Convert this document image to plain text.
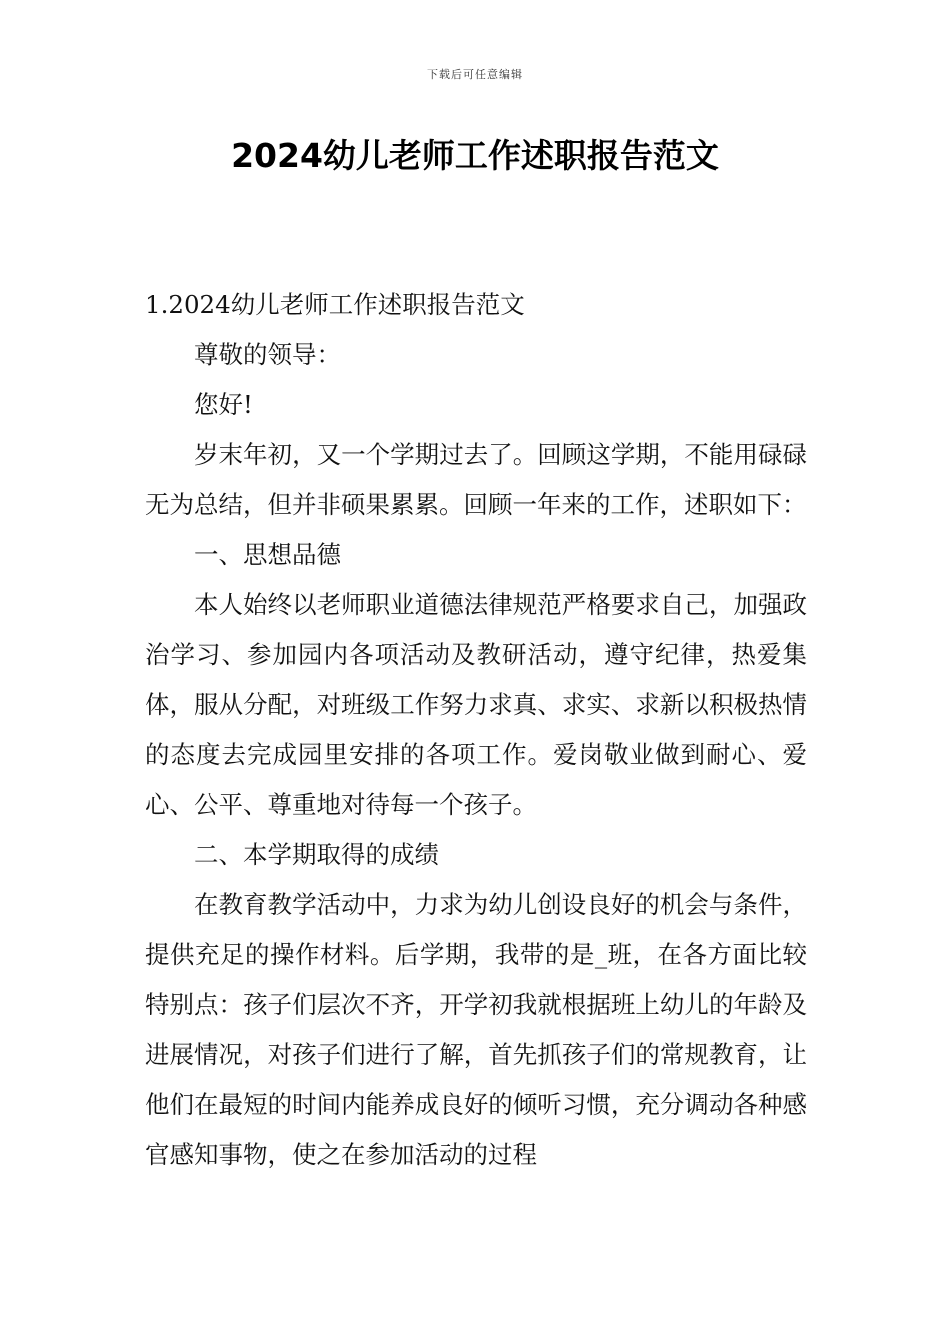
下载后可任意编辑
2024幼儿老师工作述职报告范文

1.2024幼儿老师工作述职报告范文

尊敬的领导：

您好!

岁末年初，又一个学期过去了。回顾这学期，不能用碌碌无为总结，但并非硕果累累。回顾一年来的工作，述职如下：

一、思想品德

本人始终以老师职业道德法律规范严格要求自己，加强政治学习、参加园内各项活动及教研活动，遵守纪律，热爱集体，服从分配，对班级工作努力求真、求实、求新以积极热情的态度去完成园里安排的各项工作。爱岗敬业做到耐心、爱心、公平、尊重地对待每一个孩子。

二、本学期取得的成绩

在教育教学活动中，力求为幼儿创设良好的机会与条件，提供充足的操作材料。后学期，我带的是_班，在各方面比较特别点：孩子们层次不齐，开学初我就根据班上幼儿的年龄及进展情况，对孩子们进行了解，首先抓孩子们的常规教育，让他们在最短的时间内能养成良好的倾听习惯，充分调动各种感官感知事物，使之在参加活动的过程
